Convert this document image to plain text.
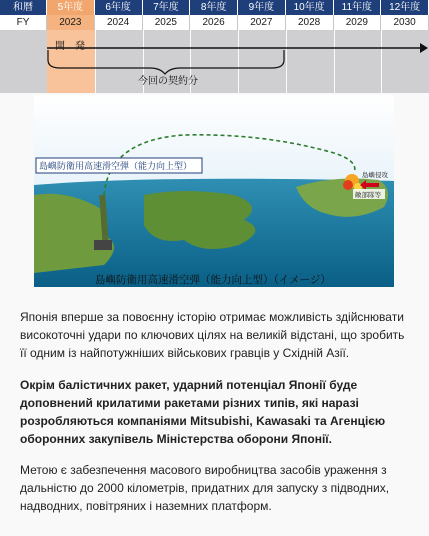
和暦	5年度	6年度	7年度	8年度	9年度	10年度	11年度	12年度
FY	2023	2024	2025	2026	2027	2028	2029	2030
開発
今回の契約分
島嶼防衛用高速滑空弾（能力向上型）
島嶼侵攻
敵部隊等
島嶼防衛用高速滑空弾（能力向上型）（イメージ）
Японія вперше за повоєнну історію отримає можливість здійснювати високоточні удари по ключових цілях на великій відстані, що зробить її одним із найпотужніших військових гравців у Східній Азії.
Окрім балістичних ракет, ударний потенціал Японії буде доповнений крилатими ракетами різних типів, які наразі розробляються компаніями Mitsubishi, Kawasaki та Агенцією оборонних закупівель Міністерства оборони Японії.
Метою є забезпечення масового виробництва засобів ураження з дальністю до 2000 кілометрів, придатних для запуску з підводних, надводних, повітряних і наземних платформ.
